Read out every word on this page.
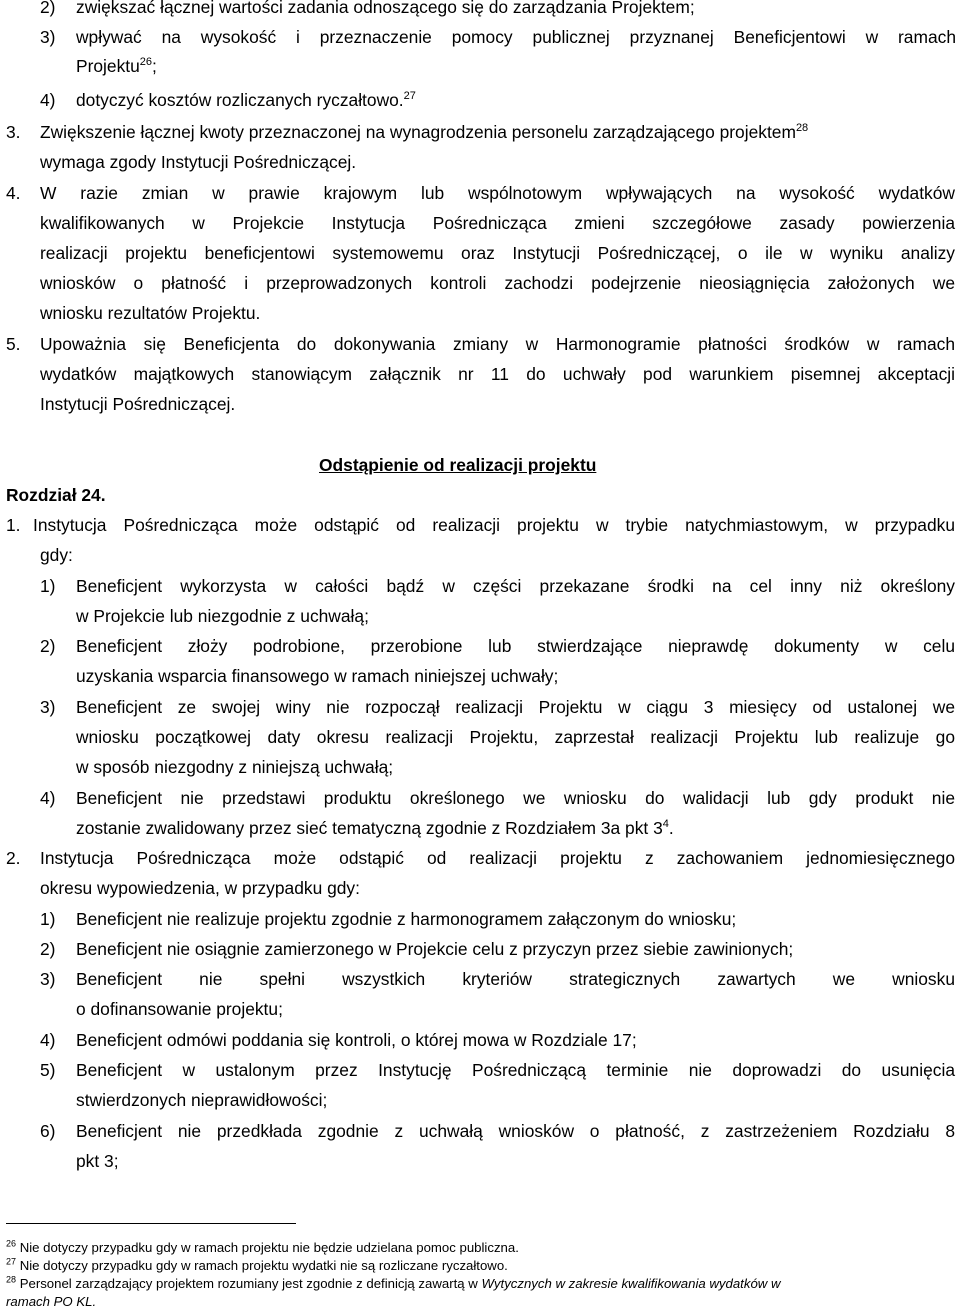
2) zwiększać łącznej wartości zadania odnoszącego się do zarządzania Projektem;
3) wpływać na wysokość i przeznaczenie pomocy publicznej przyznanej Beneficjentowi w ramach
Projektu$^{26}$;
4) dotyczyć kosztów rozliczanych ryczałtowo.$^{27}$
3. Zwiększenie łącznej kwoty przeznaczonej na wynagrodzenia personelu zarządzającego projektem$^{28}$
wymaga zgody Instytucji Pośredniczącej.
4. W razie zmian w prawie krajowym lub wspólnotowym wpływających na wysokość wydatków
kwalifikowanych w Projekcie Instytucja Pośrednicząca zmieni szczegółowe zasady powierzenia
realizacji projektu beneficjentowi systemowemu oraz Instytucji Pośredniczącej, o ile w wyniku analizy
wniosków o płatność i przeprowadzonych kontroli zachodzi podejrzenie nieosiągnięcia założonych we
wniosku rezultatów Projektu.
5. Upoważnia się Beneficjenta do dokonywania zmiany w Harmonogramie płatności środków w ramach
wydatków majątkowych stanowiącym załącznik nr 11 do uchwały pod warunkiem pisemnej akceptacji
Instytucji Pośredniczącej.
Odstąpienie od realizacji projektu
Rozdział 24.
1. Instytucja Pośrednicząca może odstąpić od realizacji projektu w trybie natychmiastowym, w przypadku
gdy:
1) Beneficjent wykorzysta w całości bądź w części przekazane środki na cel inny niż określony
w Projekcie lub niezgodnie z uchwałą;
2) Beneficjent złoży podrobione, przerobione lub stwierdzające nieprawdę dokumenty w celu
uzyskania wsparcia finansowego w ramach niniejszej uchwały;
3) Beneficjent ze swojej winy nie rozpoczął realizacji Projektu w ciągu 3 miesięcy od ustalonej we
wniosku początkowej daty okresu realizacji Projektu, zaprzestał realizacji Projektu lub realizuje go
w sposób niezgodny z niniejszą uchwałą;
4) Beneficjent nie przedstawi produktu określonego we wniosku do walidacji lub gdy produkt nie
zostanie zwalidowany przez sieć tematyczną zgodnie z Rozdziałem 3a pkt $3^4$.
2. Instytucja Pośrednicząca może odstąpić od realizacji projektu z zachowaniem jednomiesięcznego
okresu wypowiedzenia, w przypadku gdy:
1) Beneficjent nie realizuje projektu zgodnie z harmonogramem załączonym do wniosku;
2) Beneficjent nie osiągnie zamierzonego w Projekcie celu z przyczyn przez siebie zawinionych;
3) Beneficjent nie spełni wszystkich kryteriów strategicznych zawartych we wniosku
o dofinansowanie projektu;
4) Beneficjent odmówi poddania się kontroli, o której mowa w Rozdziale 17;
5) Beneficjent w ustalonym przez Instytucję Pośredniczącą terminie nie doprowadzi do usunięcia
stwierdzonych nieprawidłowości;
6) Beneficjent nie przedkłada zgodnie z uchwałą wniosków o płatność, z zastrzeżeniem Rozdziału 8
pkt 3;
$^{26}$ Nie dotyczy przypadku gdy w ramach projektu nie będzie udzielana pomoc publiczna.
$^{27}$ Nie dotyczy przypadku gdy w ramach projektu wydatki nie są rozliczane ryczałtowo.
$^{28}$ Personel zarządzający projektem rozumiany jest zgodnie z definicją zawartą w Wytycznych w zakresie kwalifikowania wydatków w
ramach PO KL.
